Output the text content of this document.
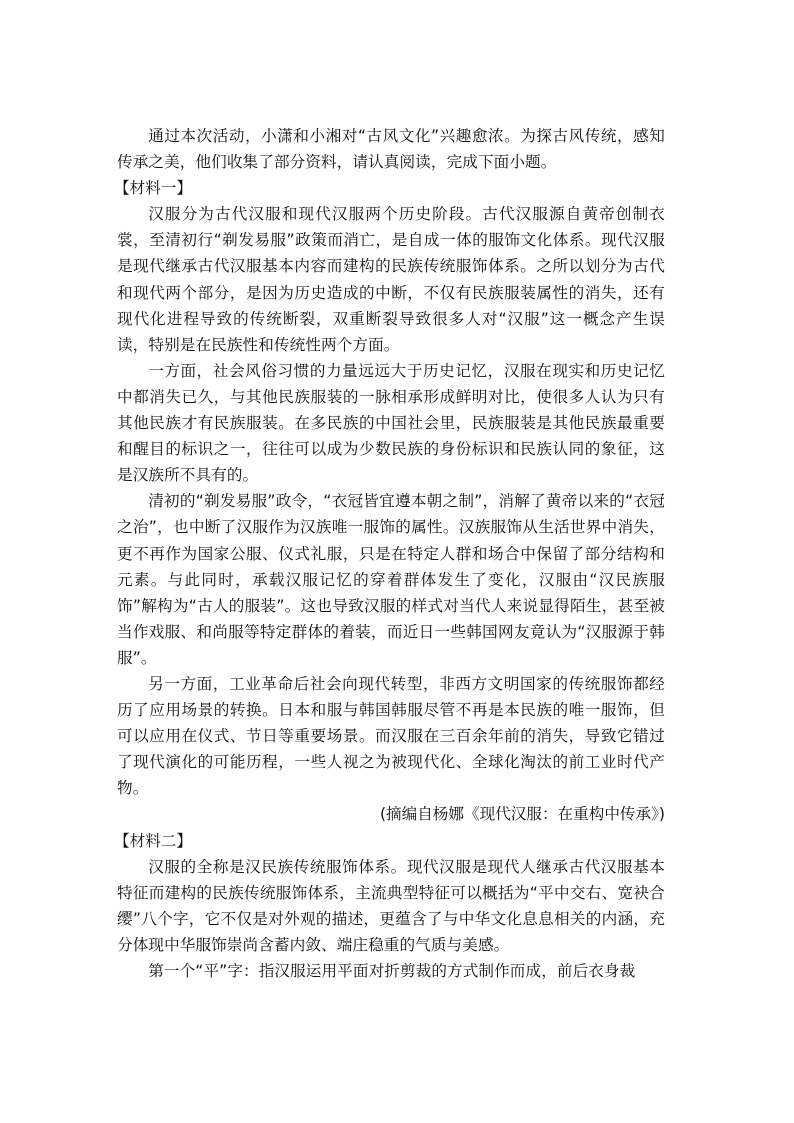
通过本次活动，小潇和小湘对“古风文化”兴趣愈浓。为探古风传统，感知传承之美，他们收集了部分资料，请认真阅读，完成下面小题。

【材料一】

汉服分为古代汉服和现代汉服两个历史阶段。古代汉服源自黄帝创制衣裳，至清初行“剃发易服”政策而消亡，是自成一体的服饰文化体系。现代汉服是现代继承古代汉服基本内容而建构的民族传统服饰体系。之所以划分为古代和现代两个部分，是因为历史造成的中断，不仅有民族服装属性的消失，还有现代化进程导致的传统断裂，双重断裂导致很多人对“汉服”这一概念产生误读，特别是在民族性和传统性两个方面。

一方面，社会风俗习惯的力量远远大于历史记忆，汉服在现实和历史记忆中都消失已久，与其他民族服装的一脉相承形成鲜明对比，使很多人认为只有其他民族才有民族服装。在多民族的中国社会里，民族服装是其他民族最重要和醒目的标识之一，往往可以成为少数民族的身份标识和民族认同的象征，这是汉族所不具有的。

清初的“剃发易服”政令，“衣冠皆宜遵本朝之制”，消解了黄帝以来的“衣冠之治”，也中断了汉服作为汉族唯一服饰的属性。汉族服饰从生活世界中消失，更不再作为国家公服、仪式礼服，只是在特定人群和场合中保留了部分结构和元素。与此同时，承载汉服记忆的穿着群体发生了变化，汉服由“汉民族服饰”解构为“古人的服装”。这也导致汉服的样式对当代人来说显得陌生，甚至被当作戏服、和尚服等特定群体的着装，而近日一些韩国网友竟认为“汉服源于韩服”。

另一方面，工业革命后社会向现代转型，非西方文明国家的传统服饰都经历了应用场景的转换。日本和服与韩国韩服尽管不再是本民族的唯一服饰，但可以应用在仪式、节日等重要场景。而汉服在三百余年前的消失，导致它错过了现代演化的可能历程，一些人视之为被现代化、全球化淘汰的前工业时代产物。

(摘编自杨娜《现代汉服：在重构中传承》)

【材料二】

汉服的全称是汉民族传统服饰体系。现代汉服是现代人继承古代汉服基本特征而建构的民族传统服饰体系，主流典型特征可以概括为“平中交右、宽袂合缨”八个字，它不仅是对外观的描述，更蕴含了与中华文化息息相关的内涵，充分体现中华服饰崇尚含蓄内敛、端庄稳重的气质与美感。

第一个“平”字：指汉服运用平面对折剪裁的方式制作而成，前后衣身裁
